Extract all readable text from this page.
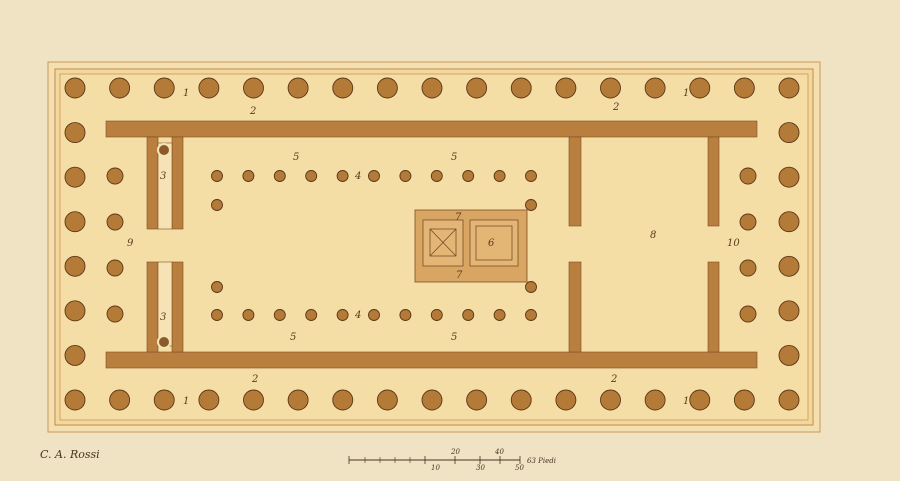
1	1
1	1
2	2
2	2
3
3
4
4
5	5
5	5
6
7
7
8
9	10
C. A. Rossi
10
20
30
40
50
63 Piedi
